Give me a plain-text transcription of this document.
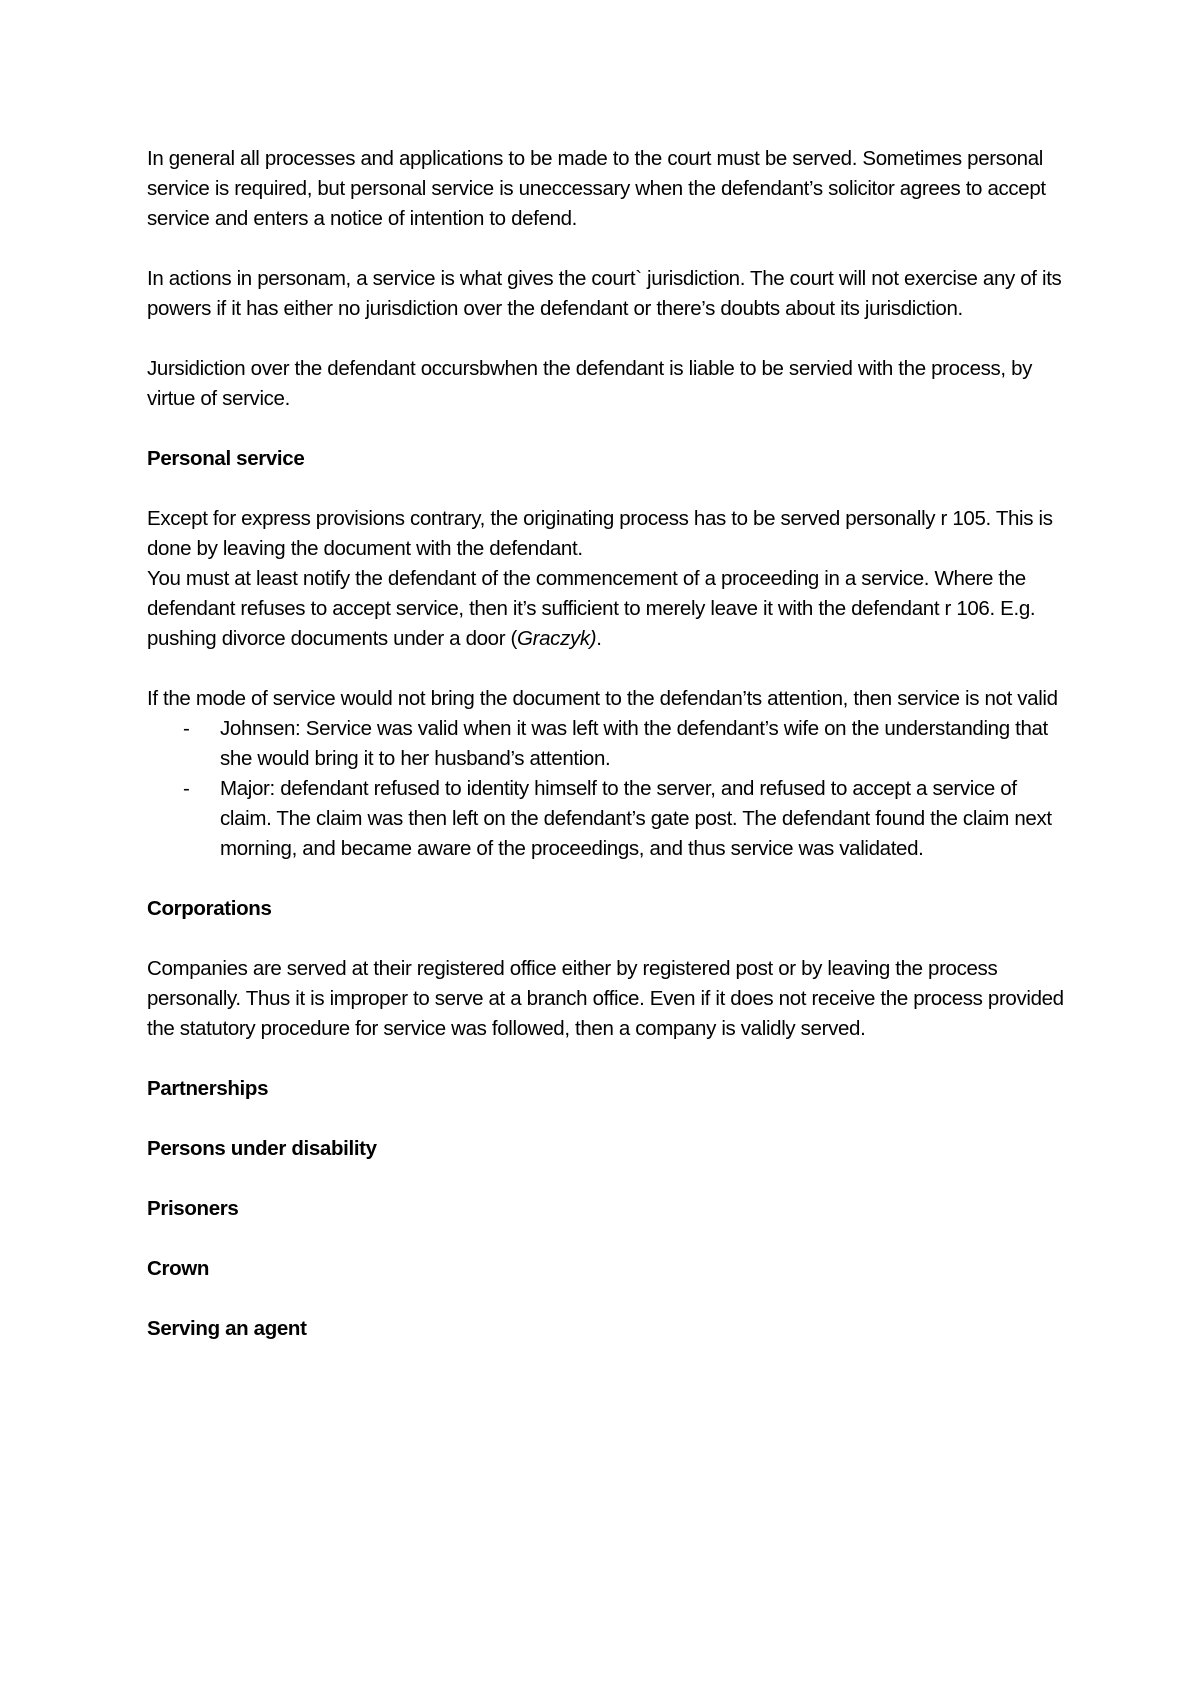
In general all processes and applications to be made to the court must be served. Sometimes personal service is required, but personal service is uneccessary when the defendant’s solicitor agrees to accept service and enters a notice of intention to defend.

In actions in personam, a service is what gives the court` jurisdiction. The court will not exercise any of its powers if it has either no jurisdiction over the defendant or there’s doubts about its jurisdiction.

Jursidiction over the defendant occursbwhen the defendant is liable to be servied with the process, by virtue of service.

Personal service

Except for express provisions contrary, the originating process has to be served personally r 105. This is done by leaving the document with the defendant.

You must at least notify the defendant of the commencement of a proceeding in a service. Where the defendant refuses to accept service, then it’s sufficient to merely leave it with the defendant r 106. E.g. pushing divorce documents under a door (Graczyk).

If the mode of service would not bring the document to the defendan’ts attention, then service is not valid

- Johnsen: Service was valid when it was left with the defendant’s wife on the understanding that she would bring it to her husband’s attention.
- Major: defendant refused to identity himself to the server, and refused to accept a service of claim. The claim was then left on the defendant’s gate post. The defendant found the claim next morning, and became aware of the proceedings, and thus service was validated.
Corporations

Companies are served at their registered office either by registered post or by leaving the process personally. Thus it is improper to serve at a branch office. Even if it does not receive the process provided the statutory procedure for service was followed, then a company is validly served.

Partnerships
Persons under disability
Prisoners
Crown
Serving an agent
